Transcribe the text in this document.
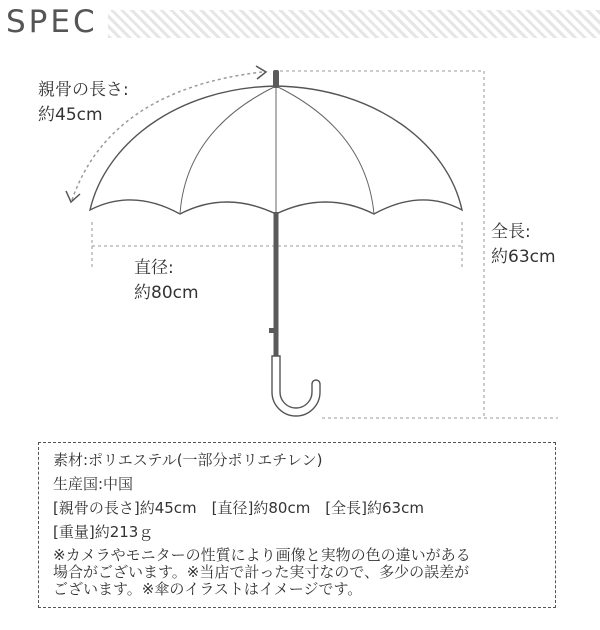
SPEC
親骨の長さ:
約45cm
直径:
約80cm
全長:
約63cm
素材:ポリエステル(一部分ポリエチレン)
生産国:中国
[親骨の長さ]約45cm　[直径]約80cm　[全長]約63cm
[重量]約213ｇ
※カメラやモニターの性質により画像と実物の色の違いがある
場合がございます。※当店で計った実寸なので、多少の誤差が
ございます。※傘のイラストはイメージです。
